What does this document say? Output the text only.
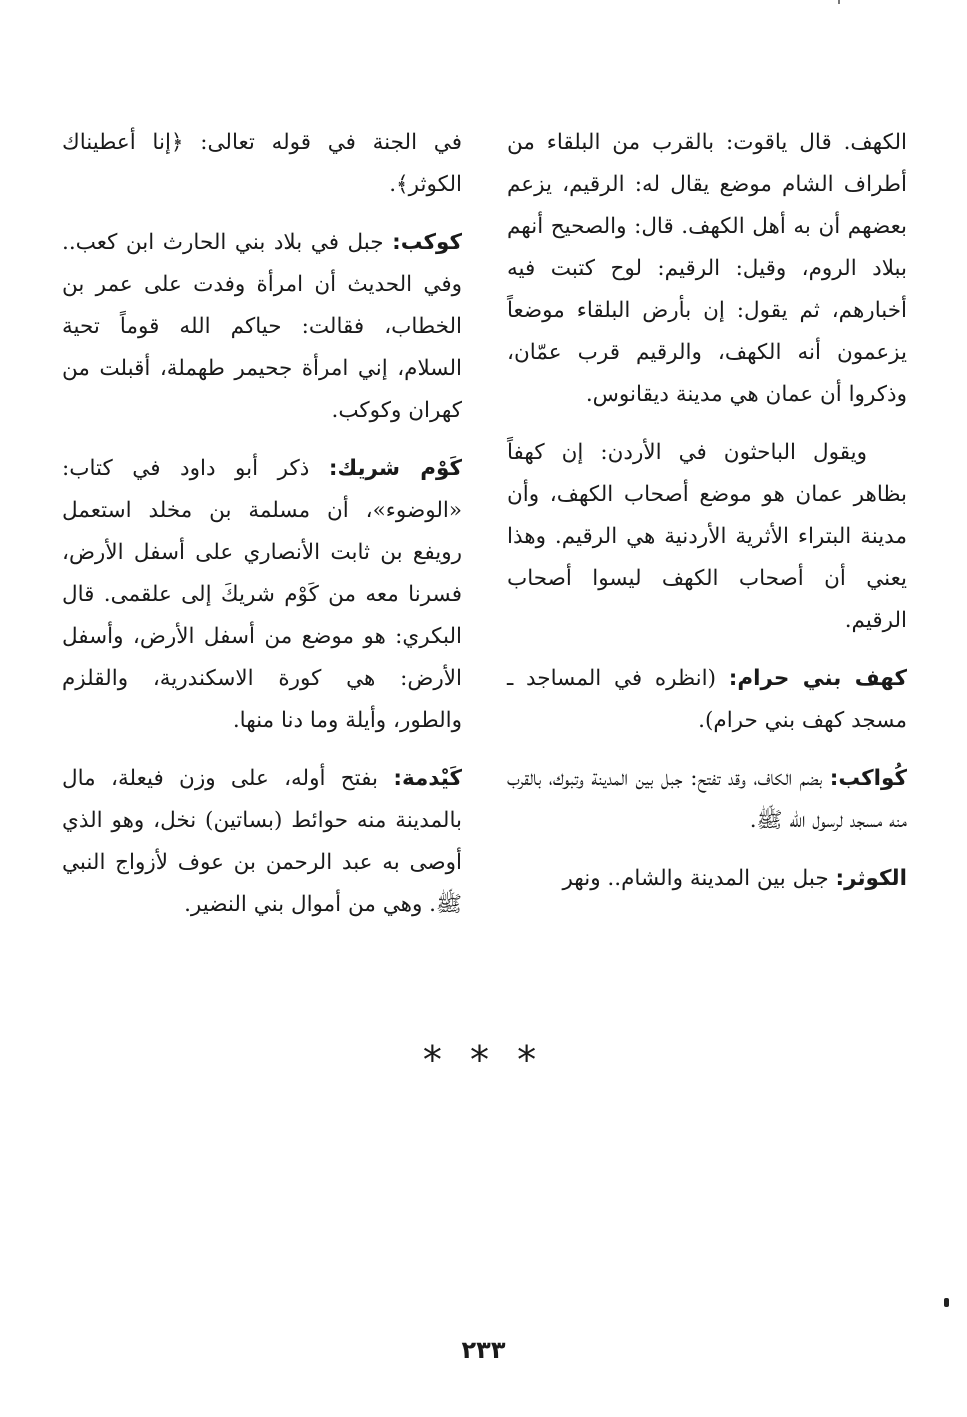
الكهف. قال ياقوت: بالقرب من البلقاء من أطراف الشام موضع يقال له: الرقيم، يزعم بعضهم أن به أهل الكهف. قال: والصحيح أنهم ببلاد الروم، وقيل: الرقيم: لوح كتبت فيه أخبارهم، ثم يقول: إن بأرض البلقاء موضعاً يزعمون أنه الكهف، والرقيم قرب عمّان، وذكروا أن عمان هي مدينة ديقانوس.

ويقول الباحثون في الأردن: إن كهفاً بظاهر عمان هو موضع أصحاب الكهف، وأن مدينة البتراء الأثرية الأردنية هي الرقيم. وهذا يعني أن أصحاب الكهف ليسوا أصحاب الرقيم.

كهف بني حرام: (انظره في المساجد ـ مسجد كهف بني حرام).

كُواكب: بضم الكاف، وقد تفتح: جبل بين المدينة وتبوك، بالقرب منه مسجد لرسول الله ﷺ.

الكوثر: جبل بين المدينة والشام.. ونهر

في الجنة في قوله تعالى: ﴿إنا أعطيناك الكوثر﴾.

كوكب: جبل في بلاد بني الحارث ابن كعب.. وفي الحديث أن امرأة وفدت على عمر بن الخطاب، فقالت: حياكم الله قوماً تحية السلام، إني امرأة جحيمر طهملة، أقبلت من كهران وكوكب.

كَوْم شريك: ذكر أبو داود في كتاب: «الوضوء»، أن مسلمة بن مخلد استعمل رويفع بن ثابت الأنصاري على أسفل الأرض، فسرنا معه من كَوْم شريكَ إلى علقمى. قال البكري: هو موضع من أسفل الأرض، وأسفل الأرض: هي كورة الاسكندرية، والقلزم والطور، وأيلة وما دنا منها.

كَيْدمة: بفتح أوله، على وزن فيعلة، مال بالمدينة منه حوائط (بساتين) نخل، وهو الذي أوصى به عبد الرحمن بن عوف لأزواج النبي ﷺ. وهي من أموال بني النضير.

* * *
٢٣٣
